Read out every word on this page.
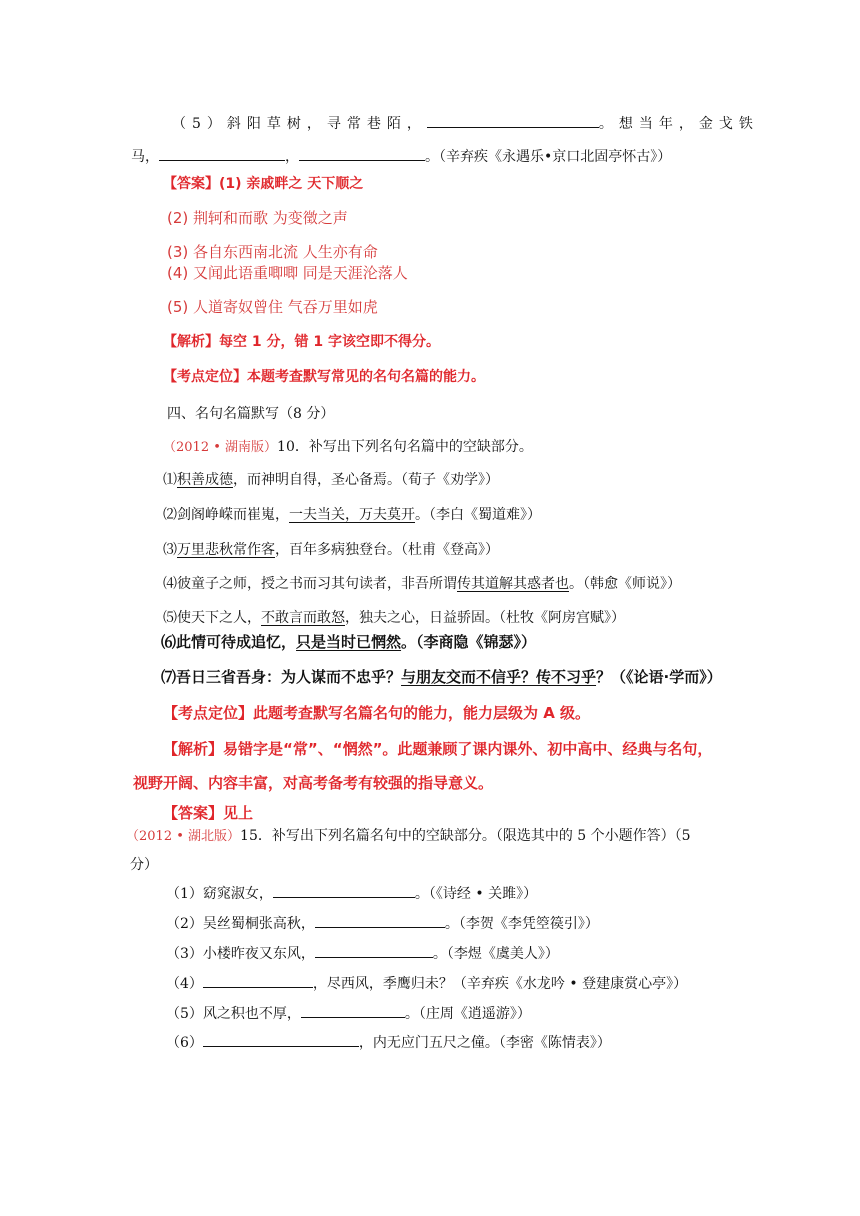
（5）斜阳草树，寻常巷陌，	。想当年，金戈铁
马，	，	。（辛弃疾《永遇乐•京口北固亭怀古》）
【答案】(1) 亲戚畔之 天下顺之
(2) 荆轲和而歌 为变徵之声
(3) 各自东西南北流 人生亦有命
(4) 又闻此语重唧唧 同是天涯沦落人
(5) 人道寄奴曾住 气吞万里如虎
【解析】每空 1 分，错 1 字该空即不得分。
【考点定位】本题考查默写常见的名句名篇的能力。
四、名句名篇默写（8 分）
（2012 • 湖南版）10．补写出下列名句名篇中的空缺部分。
⑴积善成德，而神明自得，圣心备焉。（荀子《劝学》）
⑵剑阁峥嵘而崔嵬，一夫当关，万夫莫开。（李白《蜀道难》）
⑶万里悲秋常作客，百年多病独登台。（杜甫《登高》）
⑷彼童子之师，授之书而习其句读者，非吾所谓传其道解其惑者也。（韩愈《师说》）
⑸使天下之人，不敢言而敢怒，独夫之心，日益骄固。（杜牧《阿房宫赋》）
⑹此情可待成追忆，只是当时已惘然。（李商隐《锦瑟》）
⑺吾日三省吾身：为人谋而不忠乎？与朋友交而不信乎？传不习乎？（《论语·学而》）
【考点定位】此题考查默写名篇名句的能力，能力层级为 A 级。
【解析】易错字是“常”、“惘然”。此题兼顾了课内课外、初中高中、经典与名句，
视野开阔、内容丰富，对高考备考有较强的指导意义。
【答案】见上
（2012 • 湖北版）15．补写出下列名篇名句中的空缺部分。（限选其中的 5 个小题作答）（5
分）
（1）窈窕淑女，	。（《诗经 • 关雎》）
（2）吴丝蜀桐张高秋，	。（李贺《李凭箜篌引》）
（3）小楼昨夜又东风，	。（李煜《虞美人》）
（4）	，尽西风，季鹰归未？（辛弃疾《水龙吟 • 登建康赏心亭》）
（5）风之积也不厚，	。（庄周《逍遥游》）
（6）	，内无应门五尺之僮。（李密《陈情表》）
